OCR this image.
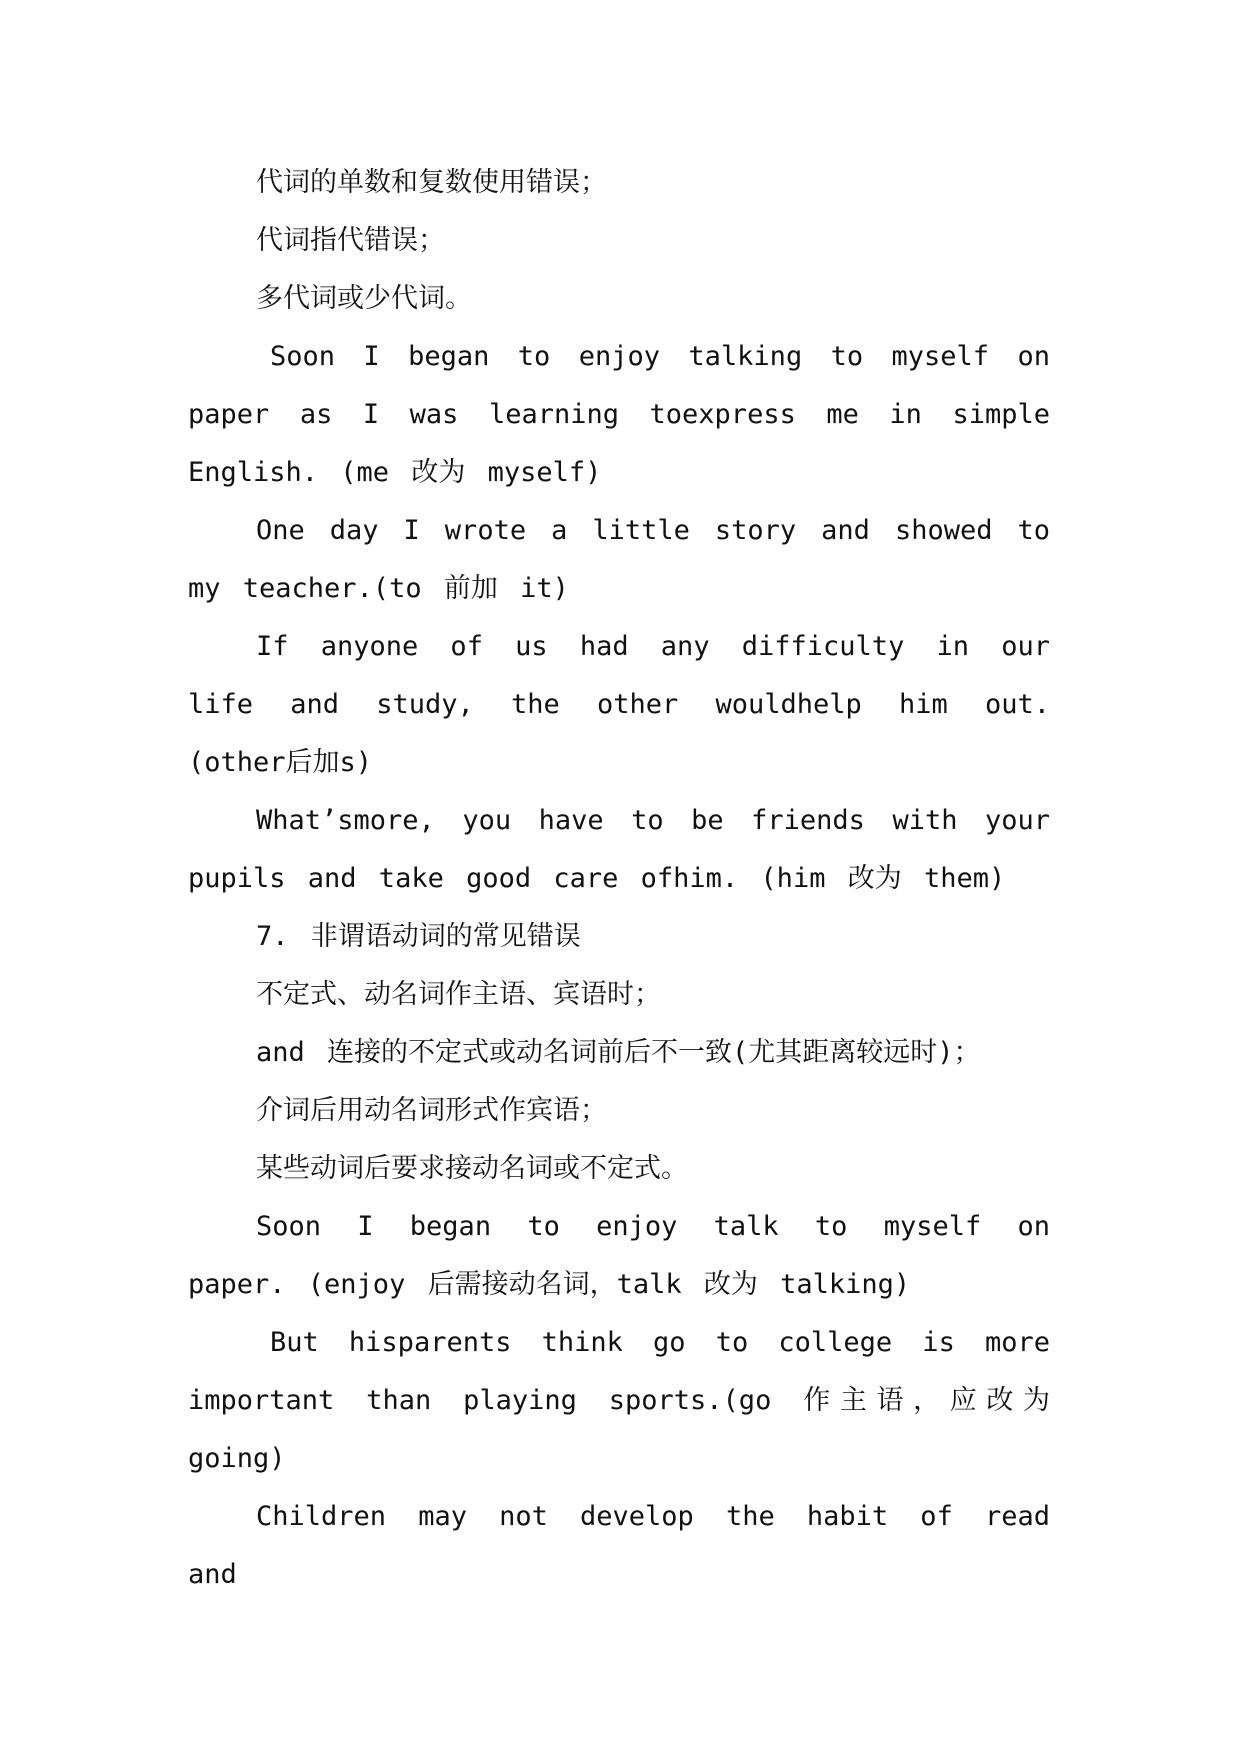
代词的单数和复数使用错误；

代词指代错误；

多代词或少代词。

Soon I began to enjoy talking to myself on paper as I was learning toexpress me in simple English. (me 改为 myself)

One day I wrote a little story and showed to my teacher.(to 前加 it)

If anyone of us had any difficulty in our life and study, the other wouldhelp him out. (other后加s)

What’smore, you have to be friends with your pupils and take good care ofhim. (him 改为 them)

7. 非谓语动词的常见错误

不定式、动名词作主语、宾语时；

and 连接的不定式或动名词前后不一致(尤其距离较远时)；

介词后用动名词形式作宾语；

某些动词后要求接动名词或不定式。

Soon I began to enjoy talk to myself on paper. (enjoy 后需接动名词，talk 改为 talking)

But hisparents think go to college is more important than playing sports.(go 作主语，应改为 going)

Children may not develop the habit of read and
